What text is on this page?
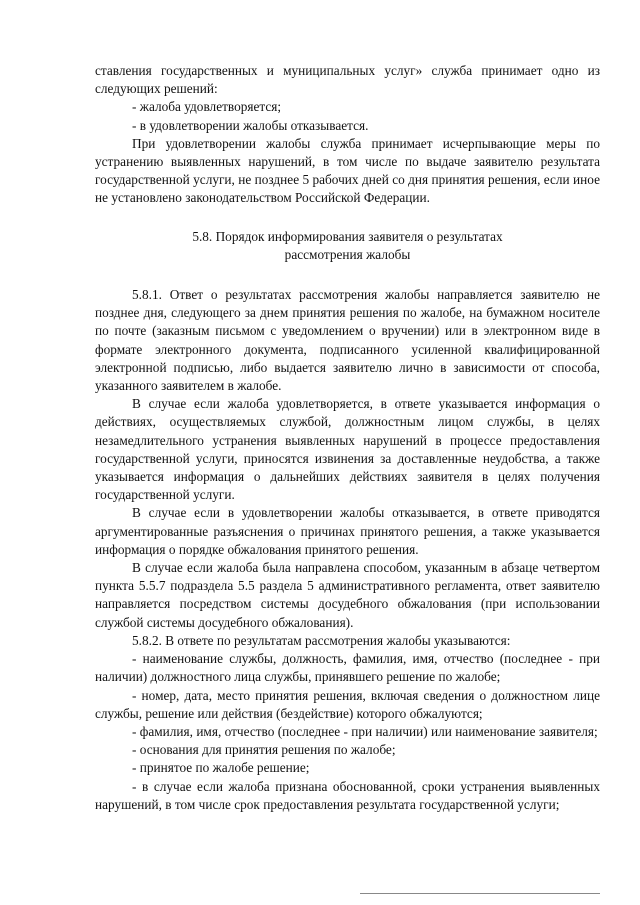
ставления государственных и муниципальных услуг» служба принимает одно из следующих решений:

- жалоба удовлетворяется;

- в удовлетворении жалобы отказывается.

При удовлетворении жалобы служба принимает исчерпывающие меры по устранению выявленных нарушений, в том числе по выдаче заявителю результата государственной услуги, не позднее 5 рабочих дней со дня принятия решения, если иное не установлено законодательством Российской Федерации.

5.8. Порядок информирования заявителя о результатах
рассмотрения жалобы

5.8.1. Ответ о результатах рассмотрения жалобы направляется заявителю не позднее дня, следующего за днем принятия решения по жалобе, на бумажном носителе по почте (заказным письмом с уведомлением о вручении) или в электронном виде в формате электронного документа, подписанного усиленной квалифицированной электронной подписью, либо выдается заявителю лично в зависимости от способа, указанного заявителем в жалобе.

В случае если жалоба удовлетворяется, в ответе указывается информация о действиях, осуществляемых службой, должностным лицом службы, в целях незамедлительного устранения выявленных нарушений в процессе предоставления государственной услуги, приносятся извинения за доставленные неудобства, а также указывается информация о дальнейших действиях заявителя в целях получения государственной услуги.

В случае если в удовлетворении жалобы отказывается, в ответе приводятся аргументированные разъяснения о причинах принятого решения, а также указывается информация о порядке обжалования принятого решения.

В случае если жалоба была направлена способом, указанным в абзаце четвертом пункта 5.5.7 подраздела 5.5 раздела 5 административного регламента, ответ заявителю направляется посредством системы досудебного обжалования (при использовании службой системы досудебного обжалования).

5.8.2. В ответе по результатам рассмотрения жалобы указываются:

- наименование службы, должность, фамилия, имя, отчество (последнее - при наличии) должностного лица службы, принявшего решение по жалобе;

- номер, дата, место принятия решения, включая сведения о должностном лице службы, решение или действия (бездействие) которого обжалуются;

- фамилия, имя, отчество (последнее - при наличии) или наименование заявителя;

- основания для принятия решения по жалобе;

- принятое по жалобе решение;

- в случае если жалоба признана обоснованной, сроки устранения выявленных нарушений, в том числе срок предоставления результата государственной услуги;
